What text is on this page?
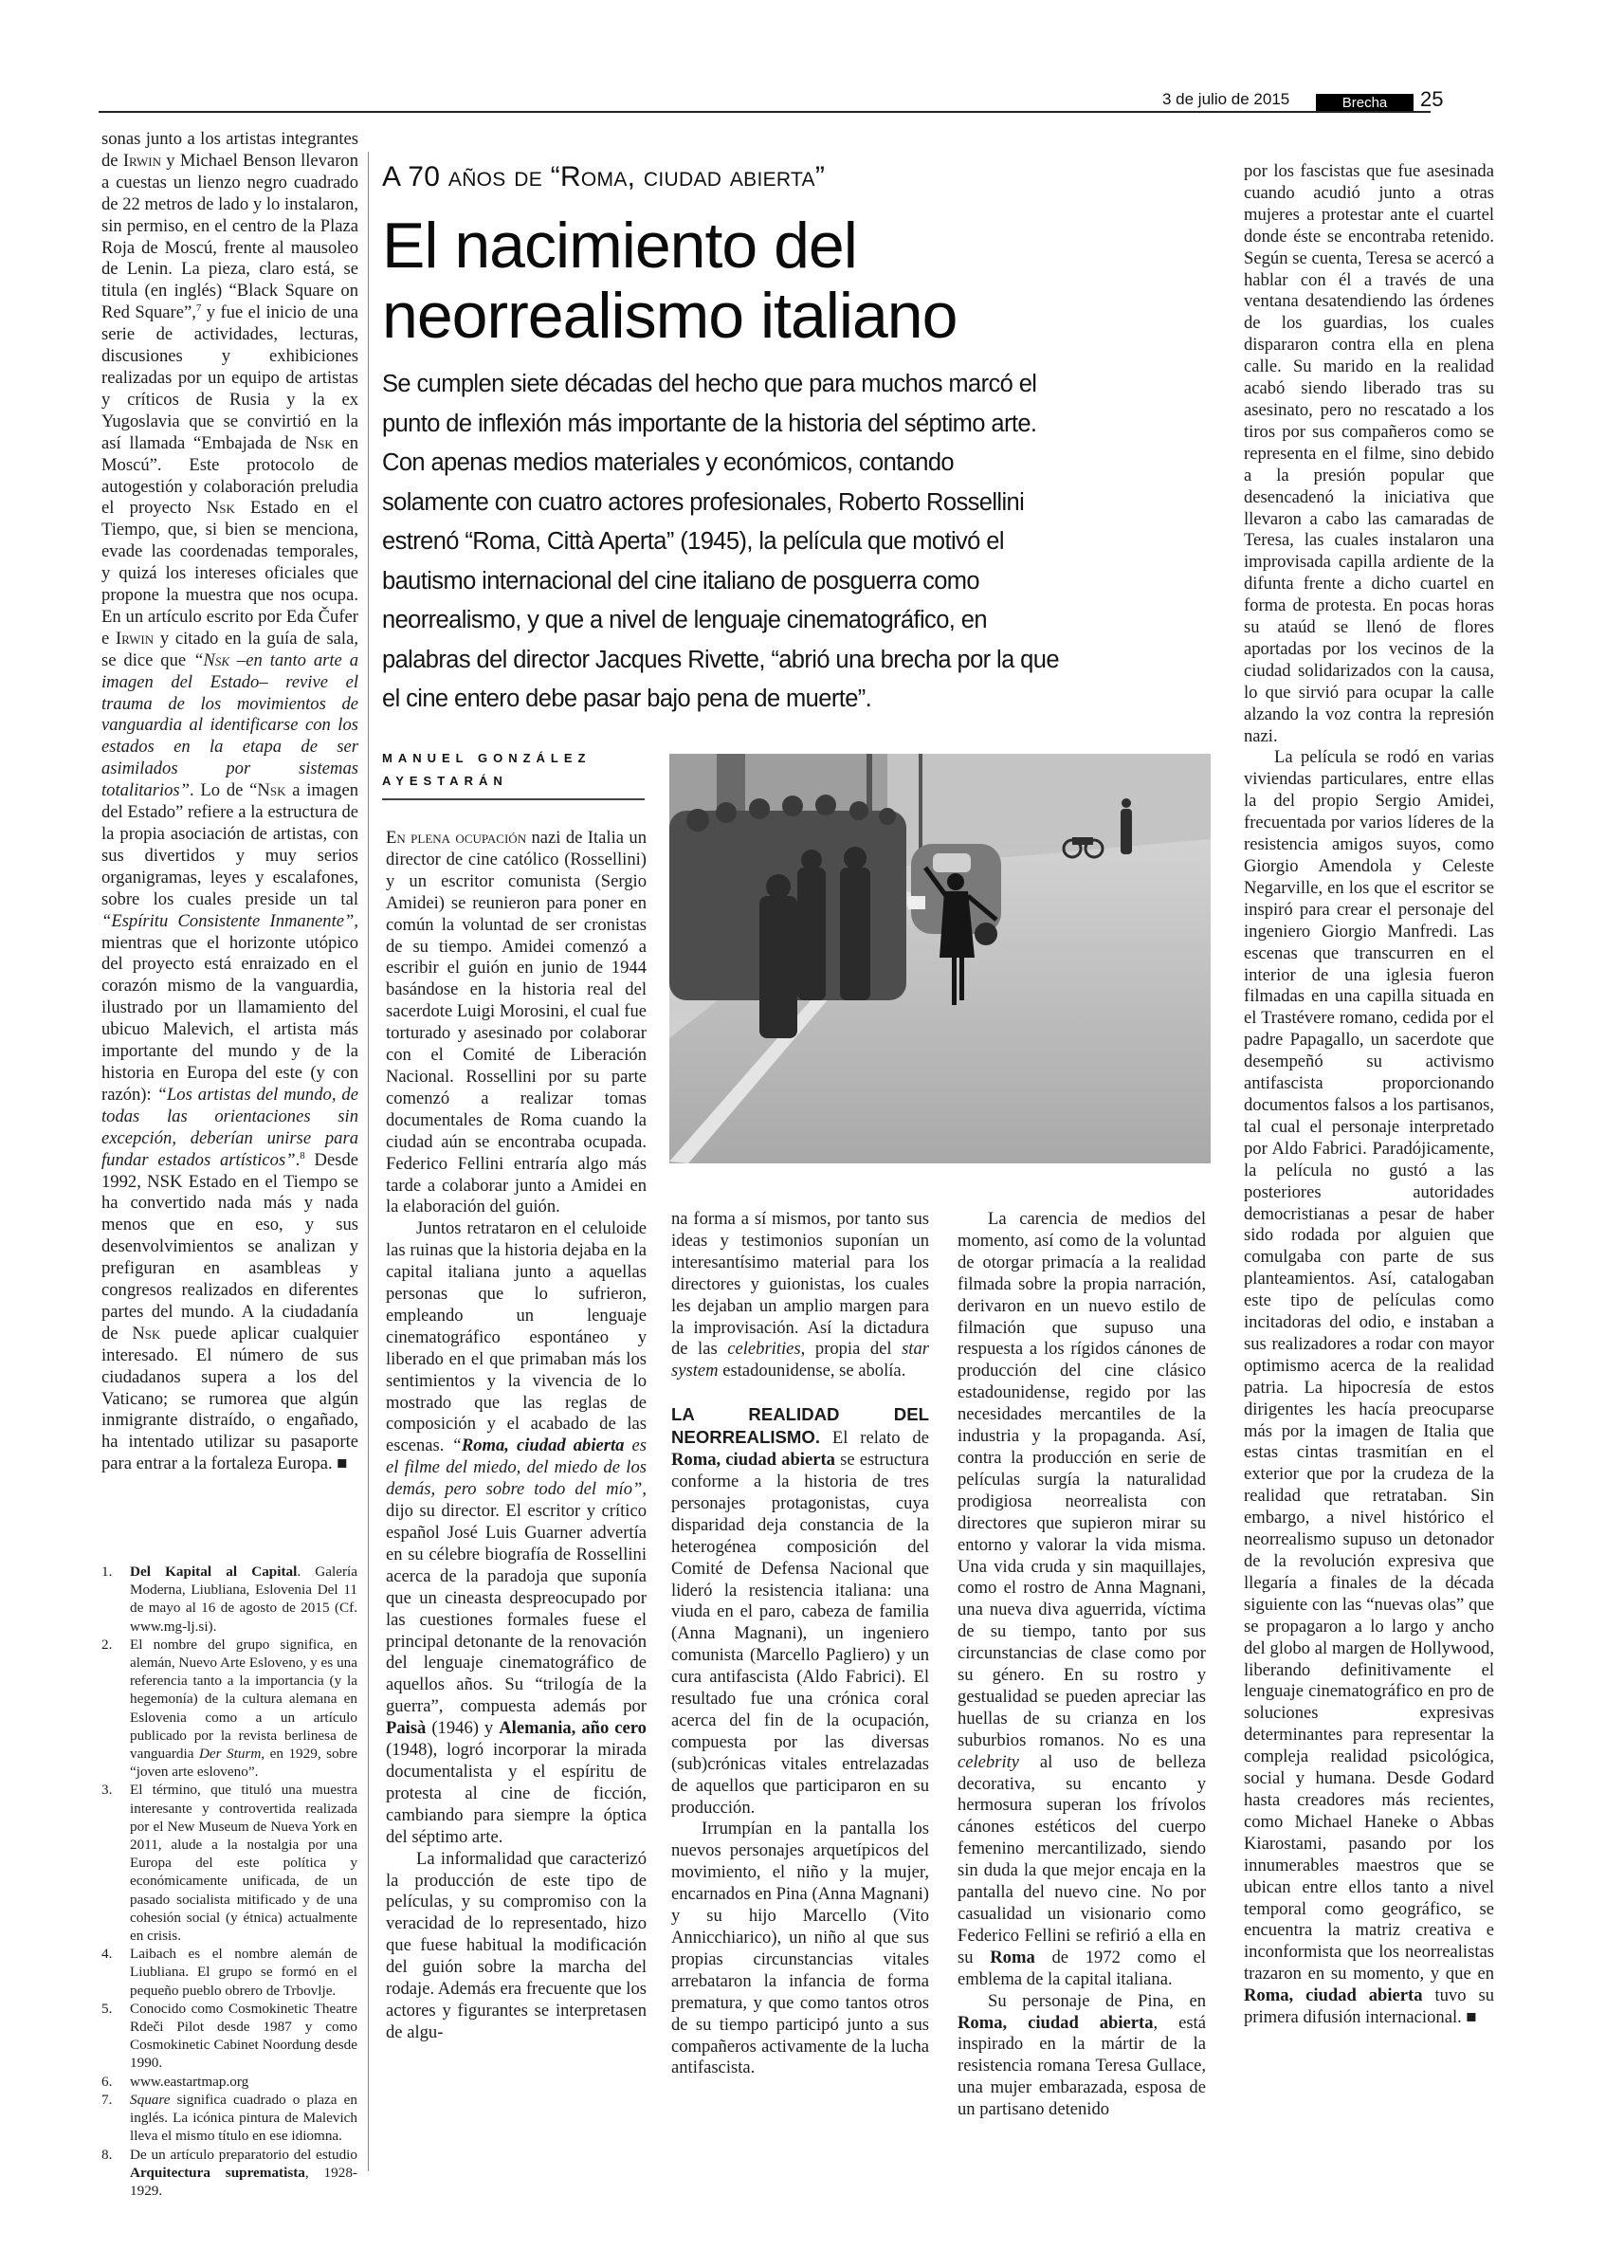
3 de julio de 2015	Brecha	25

sonas junto a los artistas integrantes de Irwin y Michael Benson llevaron a cuestas un lienzo negro cuadrado de 22 metros de lado y lo instalaron, sin permiso, en el centro de la Plaza Roja de Moscú, frente al mausoleo de Lenin. La pieza, claro está, se titula (en inglés) “Black Square on Red Square”,$^7$ y fue el inicio de una serie de actividades, lecturas, discusiones y exhibiciones realizadas por un equipo de artistas y críticos de Rusia y la ex Yugoslavia que se convirtió en la así llamada “Embajada de Nsk en Moscú”. Este protocolo de autogestión y colaboración preludia el proyecto Nsk Estado en el Tiempo, que, si bien se menciona, evade las coordenadas temporales, y quizá los intereses oficiales que propone la muestra que nos ocupa. En un artículo escrito por Eda Čufer e Irwin y citado en la guía de sala, se dice que “Nsk –en tanto arte a imagen del Estado– revive el trauma de los movimientos de vanguardia al identificarse con los estados en la etapa de ser asimilados por sistemas totalitarios”. Lo de “Nsk a imagen del Estado” refiere a la estructura de la propia asociación de artistas, con sus divertidos y muy serios organigramas, leyes y escalafones, sobre los cuales preside un tal “Espíritu Consistente Inmanente”, mientras que el horizonte utópico del proyecto está enraizado en el corazón mismo de la vanguardia, ilustrado por un llamamiento del ubicuo Malevich, el artista más importante del mundo y de la historia en Europa del este (y con razón): “Los artistas del mundo, de todas las orientaciones sin excepción, deberían unirse para fundar estados artísticos”.$^8$ Desde 1992, NSK Estado en el Tiempo se ha convertido nada más y nada menos que en eso, y sus desenvolvimientos se analizan y prefiguran en asambleas y congresos realizados en diferentes partes del mundo. A la ciudadanía de Nsk puede aplicar cualquier interesado. El número de sus ciudadanos supera a los del Vaticano; se rumorea que algún inmigrante distraído, o engañado, ha intentado utilizar su pasaporte para entrar a la fortaleza Europa. ■

1. Del Kapital al Capital. Galería Moderna, Liubliana, Eslovenia Del 11 de mayo al 16 de agosto de 2015 (Cf. www.mg-lj.si).
2. El nombre del grupo significa, en alemán, Nuevo Arte Esloveno, y es una referencia tanto a la importancia (y la hegemonía) de la cultura alemana en Eslovenia como a un artículo publicado por la revista berlinesa de vanguardia Der Sturm, en 1929, sobre “joven arte esloveno”.
3. El término, que tituló una muestra interesante y controvertida realizada por el New Museum de Nueva York en 2011, alude a la nostalgia por una Europa del este política y económicamente unificada, de un pasado socialista mitificado y de una cohesión social (y étnica) actualmente en crisis.
4. Laibach es el nombre alemán de Liubliana. El grupo se formó en el pequeño pueblo obrero de Trbovlje.
5. Conocido como Cosmokinetic Theatre Rdeči Pilot desde 1987 y como Cosmokinetic Cabinet Noordung desde 1990.
6. www.eastartmap.org
7. Square significa cuadrado o plaza en inglés. La icónica pintura de Malevich lleva el mismo título en ese idiomna.
8. De un artículo preparatorio del estudio Arquitectura suprematista, 1928-1929.
A 70 años de “Roma, ciudad abierta”
El nacimiento del
neorrealismo italiano
Se cumplen siete décadas del hecho que para muchos marcó el punto de inflexión más importante de la historia del séptimo arte. Con apenas medios materiales y económicos, contando solamente con cuatro actores profesionales, Roberto Rossellini estrenó “Roma, Città Aperta” (1945), la película que motivó el bautismo internacional del cine italiano de posguerra como neorrealismo, y que a nivel de lenguaje cinematográfico, en palabras del director Jacques Rivette, “abrió una brecha por la que el cine entero debe pasar bajo pena de muerte”.
MANUEL GONZÁLEZ
AYESTARÁN

En plena ocupación nazi de Italia un director de cine católico (Rossellini) y un escritor comunista (Sergio Amidei) se reunieron para poner en común la voluntad de ser cronistas de su tiempo. Amidei comenzó a escribir el guión en junio de 1944 basándose en la historia real del sacerdote Luigi Morosini, el cual fue torturado y asesinado por colaborar con el Comité de Liberación Nacional. Rossellini por su parte comenzó a realizar tomas documentales de Roma cuando la ciudad aún se encontraba ocupada. Federico Fellini entraría algo más tarde a colaborar junto a Amidei en la elaboración del guión.

Juntos retrataron en el celuloide las ruinas que la historia dejaba en la capital italiana junto a aquellas personas que lo sufrieron, empleando un lenguaje cinematográfico espontáneo y liberado en el que primaban más los sentimientos y la vivencia de lo mostrado que las reglas de composición y el acabado de las escenas. “Roma, ciudad abierta es el filme del miedo, del miedo de los demás, pero sobre todo del mío”, dijo su director. El escritor y crítico español José Luis Guarner advertía en su célebre biografía de Rossellini acerca de la paradoja que suponía que un cineasta despreocupado por las cuestiones formales fuese el principal detonante de la renovación del lenguaje cinematográfico de aquellos años. Su “trilogía de la guerra”, compuesta además por Paisà (1946) y Alemania, año cero (1948), logró incorporar la mirada documentalista y el espíritu de protesta al cine de ficción, cambiando para siempre la óptica del séptimo arte.

La informalidad que caracterizó la producción de este tipo de películas, y su compromiso con la veracidad de lo representado, hizo que fuese habitual la modificación del guión sobre la marcha del rodaje. Además era frecuente que los actores y figurantes se interpretasen de algu-

na forma a sí mismos, por tanto sus ideas y testimonios suponían un interesantísimo material para los directores y guionistas, los cuales les dejaban un amplio margen para la improvisación. Así la dictadura de las celebrities, propia del star system estadounidense, se abolía.

LA REALIDAD DEL NEORREALISMO. El relato de Roma, ciudad abierta se estructura conforme a la historia de tres personajes protagonistas, cuya disparidad deja constancia de la heterogénea composición del Comité de Defensa Nacional que lideró la resistencia italiana: una viuda en el paro, cabeza de familia (Anna Magnani), un ingeniero comunista (Marcello Pagliero) y un cura antifascista (Aldo Fabrici). El resultado fue una crónica coral acerca del fin de la ocupación, compuesta por las diversas (sub)crónicas vitales entrelazadas de aquellos que participaron en su producción.

Irrumpían en la pantalla los nuevos personajes arquetípicos del movimiento, el niño y la mujer, encarnados en Pina (Anna Magnani) y su hijo Marcello (Vito Annicchiarico), un niño al que sus propias circunstancias vitales arrebataron la infancia de forma prematura, y que como tantos otros de su tiempo participó junto a sus compañeros activamente de la lucha antifascista.

La carencia de medios del momento, así como de la voluntad de otorgar primacía a la realidad filmada sobre la propia narración, derivaron en un nuevo estilo de filmación que supuso una respuesta a los rígidos cánones de producción del cine clásico estadounidense, regido por las necesidades mercantiles de la industria y la propaganda. Así, contra la producción en serie de películas surgía la naturalidad prodigiosa neorrealista con directores que supieron mirar su entorno y valorar la vida misma. Una vida cruda y sin maquillajes, como el rostro de Anna Magnani, una nueva diva aguerrida, víctima de su tiempo, tanto por sus circunstancias de clase como por su género. En su rostro y gestualidad se pueden apreciar las huellas de su crianza en los suburbios romanos. No es una celebrity al uso de belleza decorativa, su encanto y hermosura superan los frívolos cánones estéticos del cuerpo femenino mercantilizado, siendo sin duda la que mejor encaja en la pantalla del nuevo cine. No por casualidad un visionario como Federico Fellini se refirió a ella en su Roma de 1972 como el emblema de la capital italiana.

Su personaje de Pina, en Roma, ciudad abierta, está inspirado en la mártir de la resistencia romana Teresa Gullace, una mujer embarazada, esposa de un partisano detenido

por los fascistas que fue asesinada cuando acudió junto a otras mujeres a protestar ante el cuartel donde éste se encontraba retenido. Según se cuenta, Teresa se acercó a hablar con él a través de una ventana desatendiendo las órdenes de los guardias, los cuales dispararon contra ella en plena calle. Su marido en la realidad acabó siendo liberado tras su asesinato, pero no rescatado a los tiros por sus compañeros como se representa en el filme, sino debido a la presión popular que desencadenó la iniciativa que llevaron a cabo las camaradas de Teresa, las cuales instalaron una improvisada capilla ardiente de la difunta frente a dicho cuartel en forma de protesta. En pocas horas su ataúd se llenó de flores aportadas por los vecinos de la ciudad solidarizados con la causa, lo que sirvió para ocupar la calle alzando la voz contra la represión nazi.

La película se rodó en varias viviendas particulares, entre ellas la del propio Sergio Amidei, frecuentada por varios líderes de la resistencia amigos suyos, como Giorgio Amendola y Celeste Negarville, en los que el escritor se inspiró para crear el personaje del ingeniero Giorgio Manfredi. Las escenas que transcurren en el interior de una iglesia fueron filmadas en una capilla situada en el Trastévere romano, cedida por el padre Papagallo, un sacerdote que desempeñó su activismo antifascista proporcionando documentos falsos a los partisanos, tal cual el personaje interpretado por Aldo Fabrici. Paradójicamente, la película no gustó a las posteriores autoridades democristianas a pesar de haber sido rodada por alguien que comulgaba con parte de sus planteamientos. Así, catalogaban este tipo de películas como incitadoras del odio, e instaban a sus realizadores a rodar con mayor optimismo acerca de la realidad patria. La hipocresía de estos dirigentes les hacía preocuparse más por la imagen de Italia que estas cintas trasmitían en el exterior que por la crudeza de la realidad que retrataban. Sin embargo, a nivel histórico el neorrealismo supuso un detonador de la revolución expresiva que llegaría a finales de la década siguiente con las “nuevas olas” que se propagaron a lo largo y ancho del globo al margen de Hollywood, liberando definitivamente el lenguaje cinematográfico en pro de soluciones expresivas determinantes para representar la compleja realidad psicológica, social y humana. Desde Godard hasta creadores más recientes, como Michael Haneke o Abbas Kiarostami, pasando por los innumerables maestros que se ubican entre ellos tanto a nivel temporal como geográfico, se encuentra la matriz creativa e inconformista que los neorrealistas trazaron en su momento, y que en Roma, ciudad abierta tuvo su primera difusión internacional. ■
